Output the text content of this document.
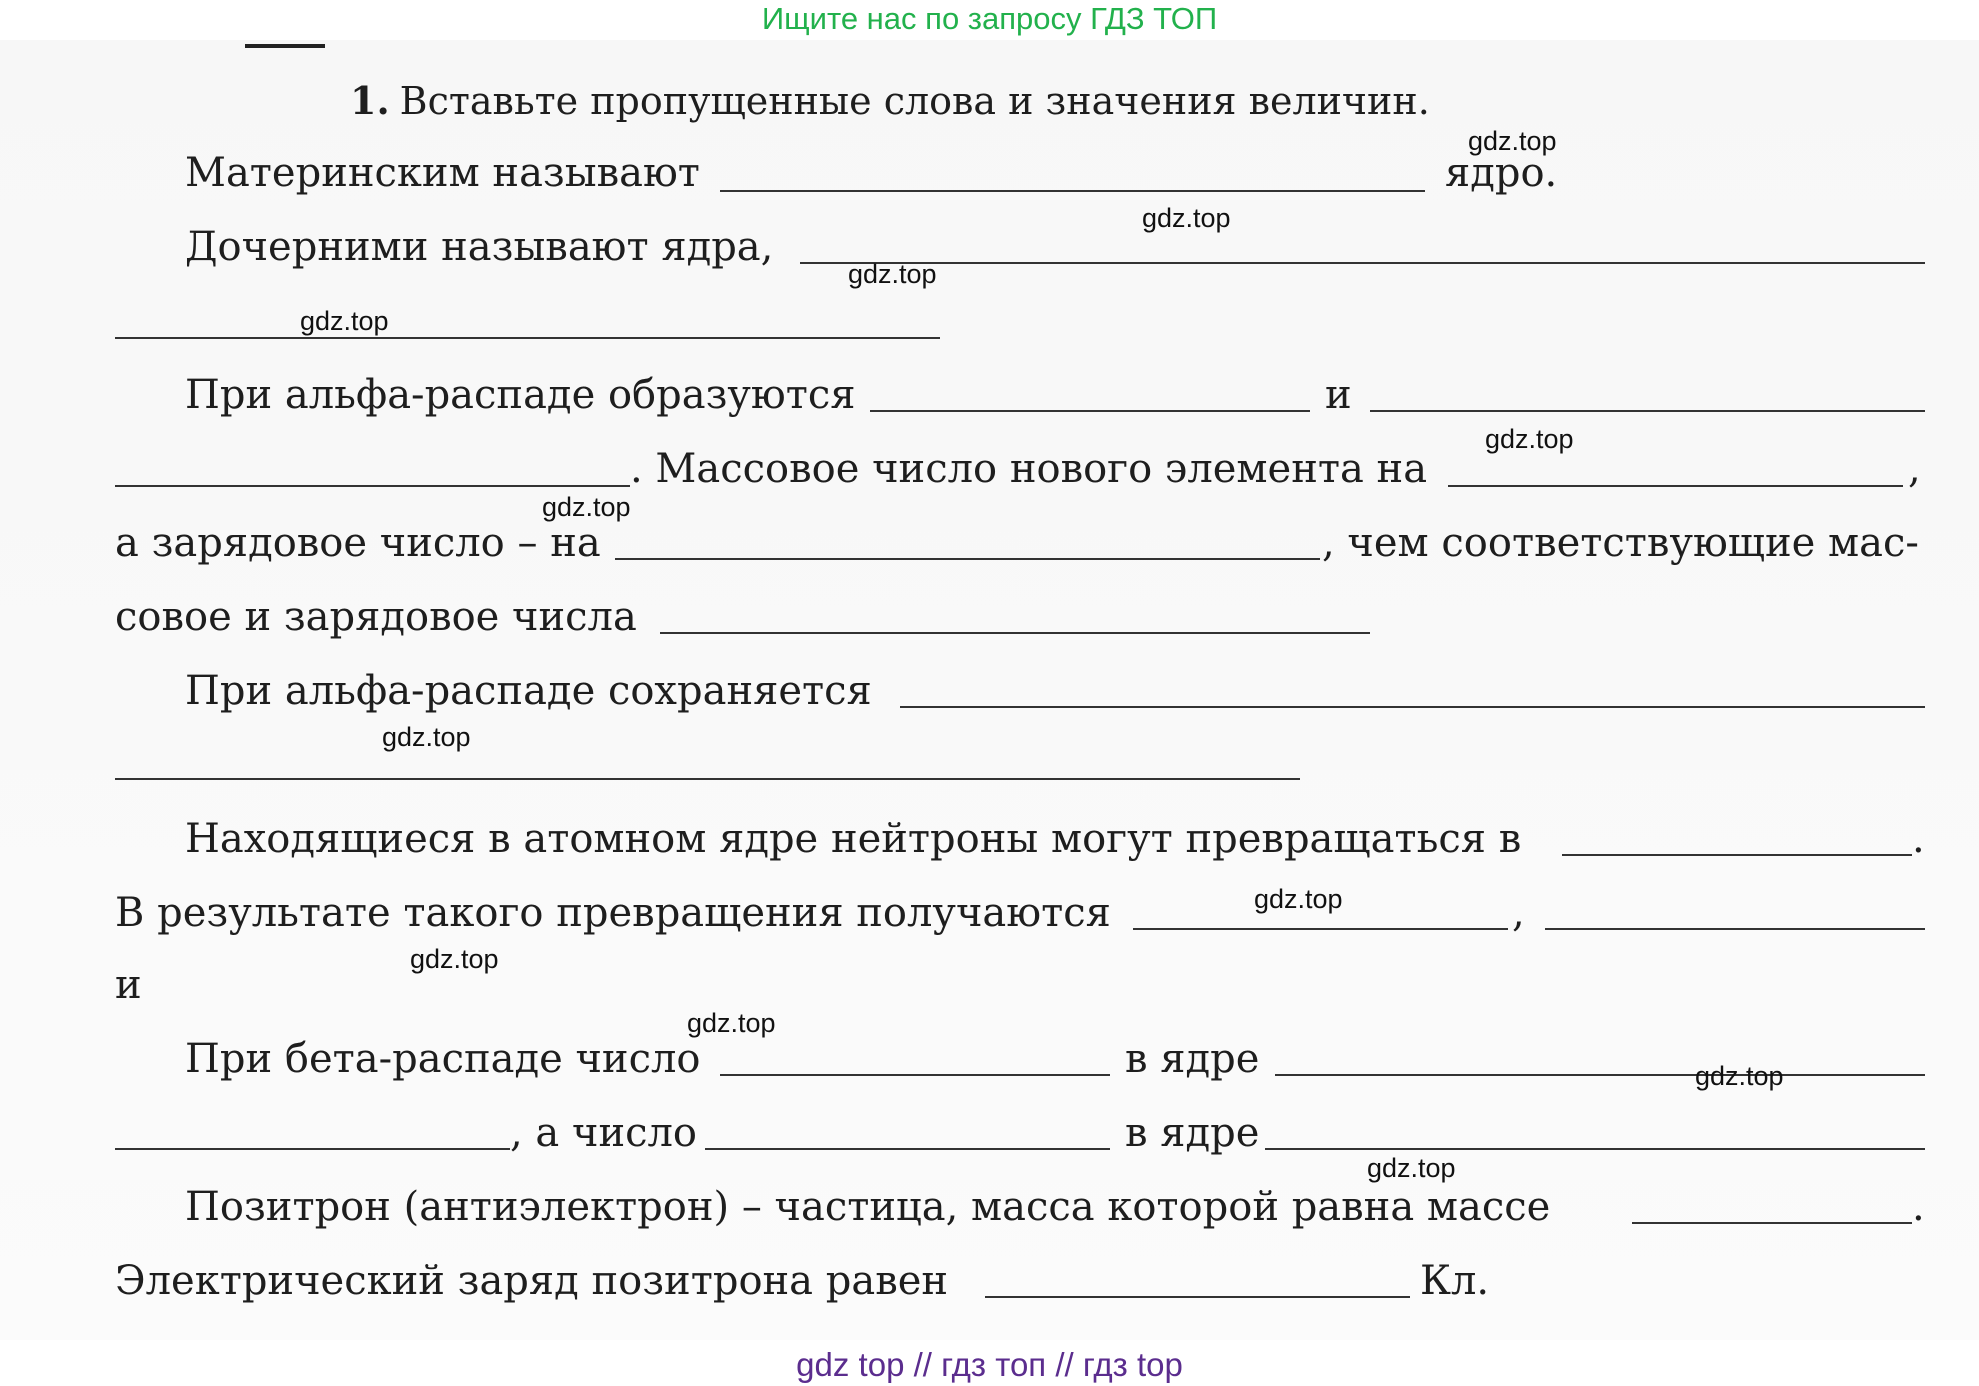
Ищите нас по запросу ГДЗ ТОП
1. Вставьте пропущенные слова и значения величин.
Материнским называют	ядро.
Дочерними называют ядра,
При альфа-распаде образуются	и
. Массовое число нового элемента на	,
а зарядовое число – на	, чем соответствующие мас-
совое и зарядовое числа
При альфа-распаде сохраняется
Находящиеся в атомном ядре нейтроны могут превращаться в	.
В результате такого превращения получаются	,
и
При бета-распаде число	в ядре
, а число	в ядре
Позитрон (антиэлектрон) – частица, масса которой равна массе	.
Электрический заряд позитрона равен	Кл.
gdz.top
gdz.top
gdz.top
gdz.top
gdz.top
gdz.top
gdz.top
gdz.top
gdz.top
gdz.top
gdz.top
gdz.top
gdz top // гдз топ // гдз top
